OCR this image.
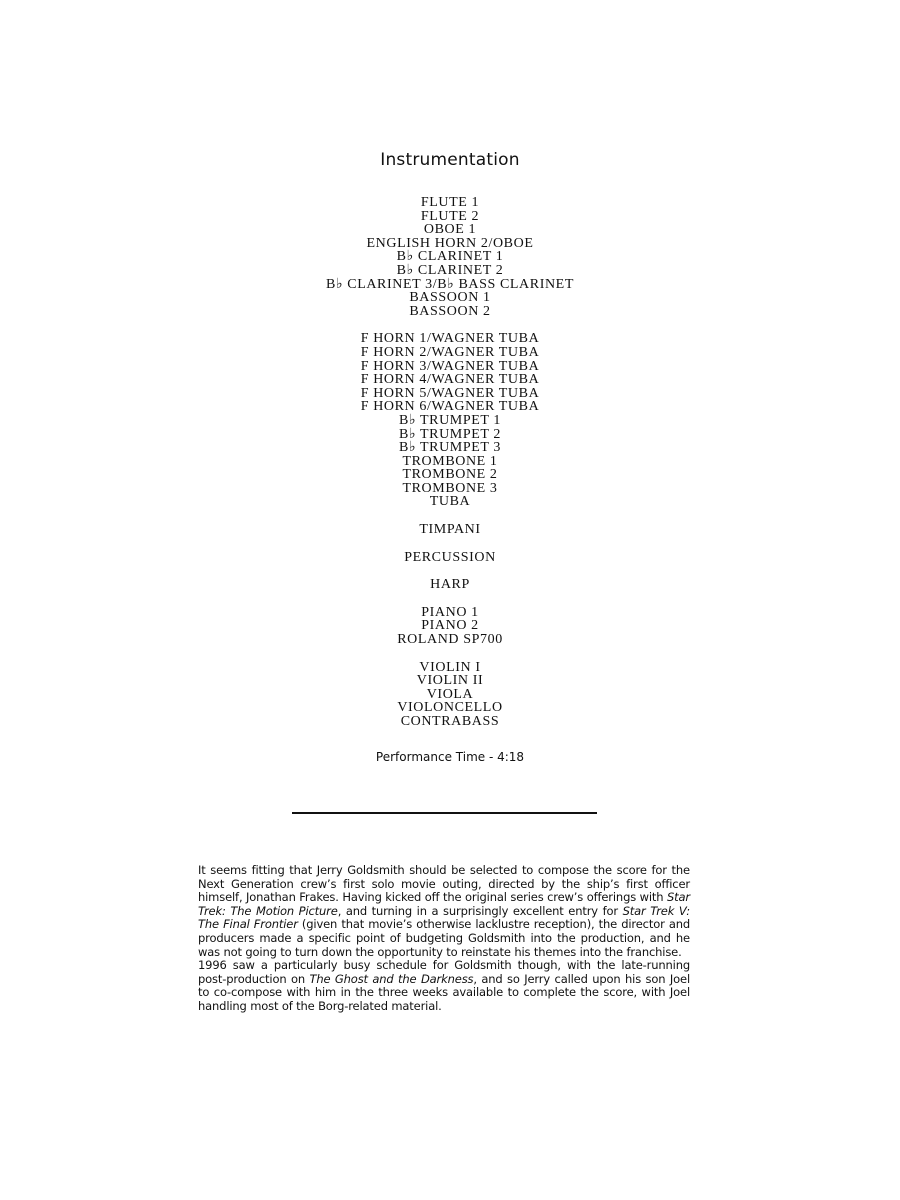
Instrumentation
FLUTE 1
FLUTE 2
OBOE 1
ENGLISH HORN 2/OBOE
B♭ CLARINET 1
B♭ CLARINET 2
B♭ CLARINET 3/B♭ BASS CLARINET
BASSOON 1
BASSOON 2
F HORN 1/WAGNER TUBA
F HORN 2/WAGNER TUBA
F HORN 3/WAGNER TUBA
F HORN 4/WAGNER TUBA
F HORN 5/WAGNER TUBA
F HORN 6/WAGNER TUBA
B♭ TRUMPET 1
B♭ TRUMPET 2
B♭ TRUMPET 3
TROMBONE 1
TROMBONE 2
TROMBONE 3
TUBA
TIMPANI
PERCUSSION
HARP
PIANO 1
PIANO 2
ROLAND SP700
VIOLIN I
VIOLIN II
VIOLA
VIOLONCELLO
CONTRABASS
Performance Time - 4:18

It seems fitting that Jerry Goldsmith should be selected to compose the score for the Next Generation crew’s first solo movie outing, directed by the ship’s first officer himself, Jonathan Frakes. Having kicked off the original series crew’s offerings with Star Trek: The Motion Picture, and turning in a surprisingly excellent entry for Star Trek V: The Final Frontier (given that movie’s otherwise lacklustre reception), the director and producers made a specific point of budgeting Goldsmith into the production, and he was not going to turn down the opportunity to reinstate his themes into the franchise.

1996 saw a particularly busy schedule for Goldsmith though, with the late-running post-production on The Ghost and the Darkness, and so Jerry called upon his son Joel to co-compose with him in the three weeks available to complete the score, with Joel handling most of the Borg-related material.
